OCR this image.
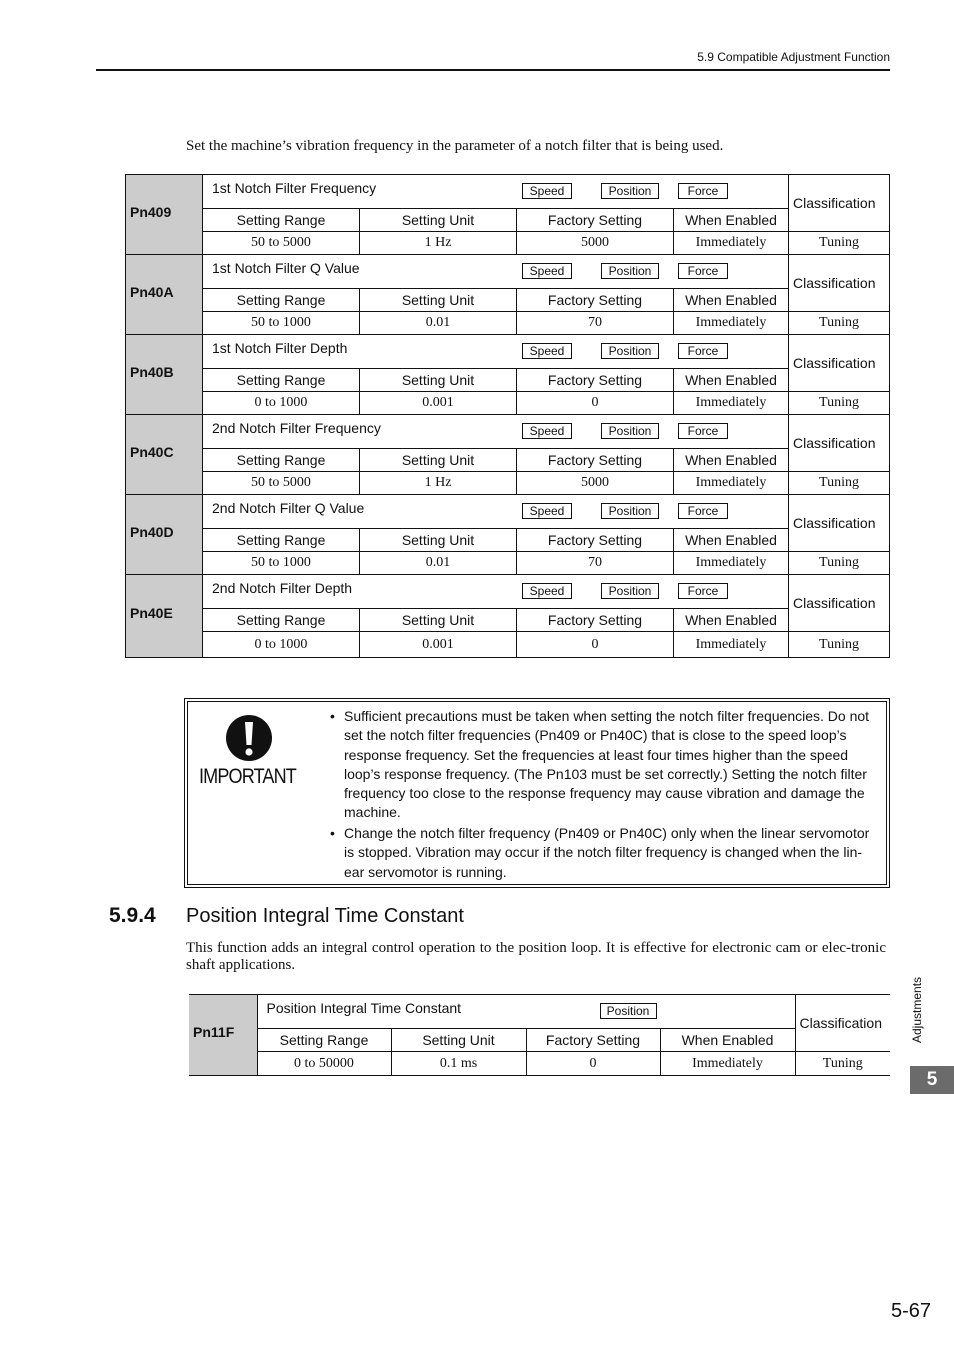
5.9 Compatible Adjustment Function
Set the machine’s vibration frequency in the parameter of a notch filter that is being used.
Pn409	1st Notch Filter Frequency Speed Position Force				Classification
	Setting Range	Setting Unit	Factory Setting	When Enabled	
	50 to 5000	1 Hz	5000	Immediately	Tuning
Pn40A	1st Notch Filter Q Value Speed Position Force				Classification
	Setting Range	Setting Unit	Factory Setting	When Enabled	
	50 to 1000	0.01	70	Immediately	Tuning
Pn40B	1st Notch Filter Depth Speed Position Force				Classification
	Setting Range	Setting Unit	Factory Setting	When Enabled	
	0 to 1000	0.001	0	Immediately	Tuning
Pn40C	2nd Notch Filter Frequency Speed Position Force				Classification
	Setting Range	Setting Unit	Factory Setting	When Enabled	
	50 to 5000	1 Hz	5000	Immediately	Tuning
Pn40D	2nd Notch Filter Q Value Speed Position Force				Classification
	Setting Range	Setting Unit	Factory Setting	When Enabled	
	50 to 1000	0.01	70	Immediately	Tuning
Pn40E	2nd Notch Filter Depth Speed Position Force				Classification
	Setting Range	Setting Unit	Factory Setting	When Enabled	
	0 to 1000	0.001	0	Immediately	Tuning
IMPORTANT
• Sufficient precautions must be taken when setting the notch filter frequencies. Do not set the notch filter frequencies (Pn409 or Pn40C) that is close to the speed loop’s response frequency. Set the frequencies at least four times higher than the speed loop’s response frequency. (The Pn103 must be set correctly.) Setting the notch filter frequency too close to the response frequency may cause vibration and damage the machine.
• Change the notch filter frequency (Pn409 or Pn40C) only when the linear servomotor is stopped. Vibration may occur if the notch filter frequency is changed when the lin-ear servomotor is running.
5.9.4 Position Integral Time Constant
This function adds an integral control operation to the position loop. It is effective for electronic cam or elec-tronic shaft applications.
Pn11F	Position Integral Time Constant Position				Classification
	Setting Range	Setting Unit	Factory Setting	When Enabled	
	0 to 50000	0.1 ms	0	Immediately	Tuning
Adjustments
5
5-67
